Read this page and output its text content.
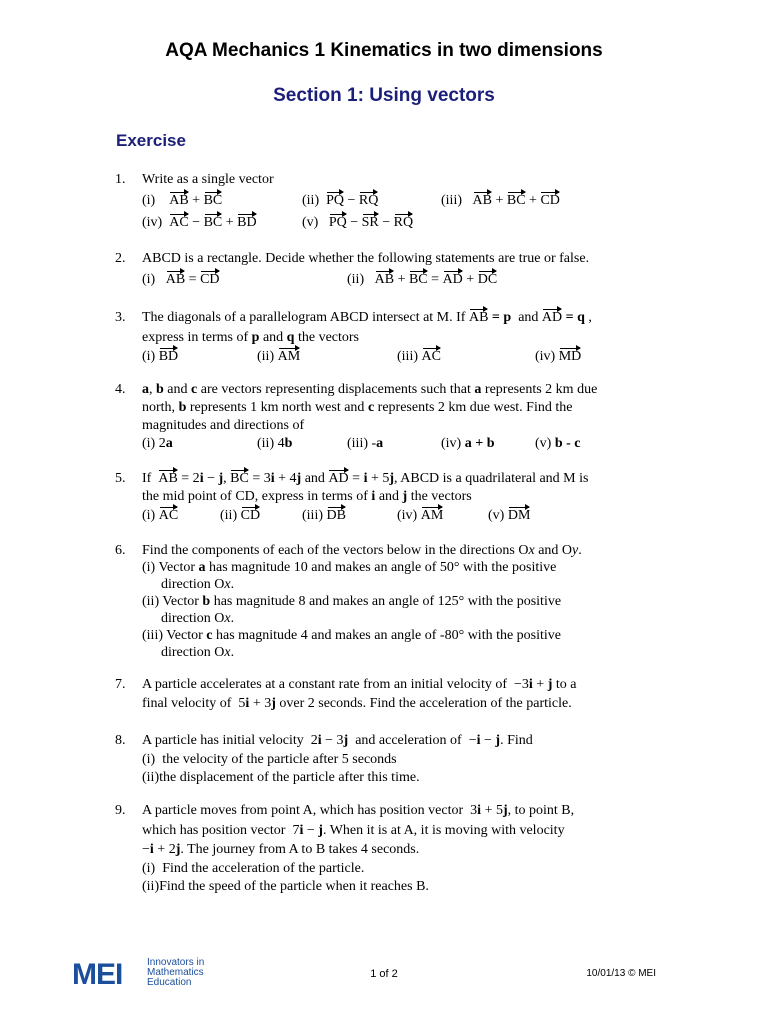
AQA Mechanics 1 Kinematics in two dimensions
Section 1: Using vectors
Exercise
1.	Write as a single vector
(i) AB + BC	(ii) PQ − RQ	(iii) AB + BC + CD
(iv) AC − BC + BD	(v) PQ − SR − RQ
2.	ABCD is a rectangle. Decide whether the following statements are true or false.
(i) AB = CD	(ii) AB + BC = AD + DC
3.	The diagonals of a parallelogram ABCD intersect at M. If AB = p and AD = q ,
express in terms of p and q the vectors
(i) BD	(ii) AM	(iii) AC	(iv) MD
4.	a, b and c are vectors representing displacements such that a represents 2 km due
north, b represents 1 km north west and c represents 2 km due west. Find the
magnitudes and directions of
(i) 2a	(ii) 4b	(iii) -a	(iv) a + b	(v) b - c
5.	If AB = 2i − j, BC = 3i + 4j and AD = i + 5j, ABCD is a quadrilateral and M is
the mid point of CD, express in terms of i and j the vectors
(i) AC	(ii) CD	(iii) DB	(iv) AM	(v) DM
6.	Find the components of each of the vectors below in the directions Ox and Oy.
(i) Vector a has magnitude 10 and makes an angle of 50° with the positive
direction Ox.
(ii) Vector b has magnitude 8 and makes an angle of 125° with the positive
direction Ox.
(iii) Vector c has magnitude 4 and makes an angle of -80° with the positive
direction Ox.
7.	A particle accelerates at a constant rate from an initial velocity of −3i + j to a
final velocity of 5i + 3j over 2 seconds. Find the acceleration of the particle.
8.	A particle has initial velocity 2i − 3j and acceleration of −i − j. Find
(i) the velocity of the particle after 5 seconds
(ii)the displacement of the particle after this time.
9.	A particle moves from point A, which has position vector 3i + 5j, to point B,
which has position vector 7i − j. When it is at A, it is moving with velocity
−i + 2j. The journey from A to B takes 4 seconds.
(i) Find the acceleration of the particle.
(ii)Find the speed of the particle when it reaches B.
MEI Innovators in
Mathematics
Education
1 of 2	10/01/13 © MEI
